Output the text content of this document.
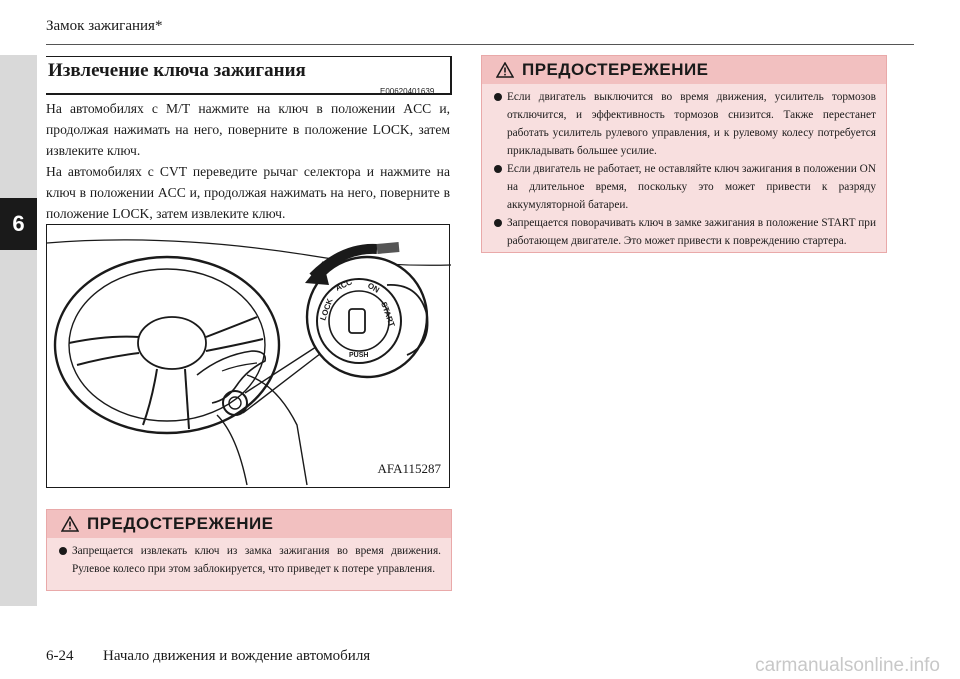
6
Замок зажигания*
Извлечение ключа зажигания
E00620401639

На автомобилях с М/Т нажмите на ключ в положении ACC и, продолжая нажимать на него, поверните в положение LOCK, затем извлеките ключ.

На автомобилях с CVT переведите рычаг селектора и нажмите на ключ в положении ACC и, продолжая нажимать на него, поверните в положение LOCK, затем извлеките ключ.

LOCK
ACC ON
START
PUSH
AFA115287
ПРЕДОСТЕРЕЖЕНИЕ
Запрещается извлекать ключ из замка зажигания во время движения. Рулевое колесо при этом заблокируется, что приведет к потере управления.
ПРЕДОСТЕРЕЖЕНИЕ
Если двигатель выключится во время движения, усилитель тормозов отключится, и эффективность тормозов снизится. Также перестанет работать усилитель рулевого управления, и к рулевому колесу потребуется прикладывать большее усилие.
Если двигатель не работает, не оставляйте ключ зажигания в положении ON на длительное время, поскольку это может привести к разряду аккумуляторной батареи.
Запрещается поворачивать ключ в замке зажигания в положение START при работающем двигателе. Это может привести к повреждению стартера.
6-24 Начало движения и вождение автомобиля	carmanualsonline.info
